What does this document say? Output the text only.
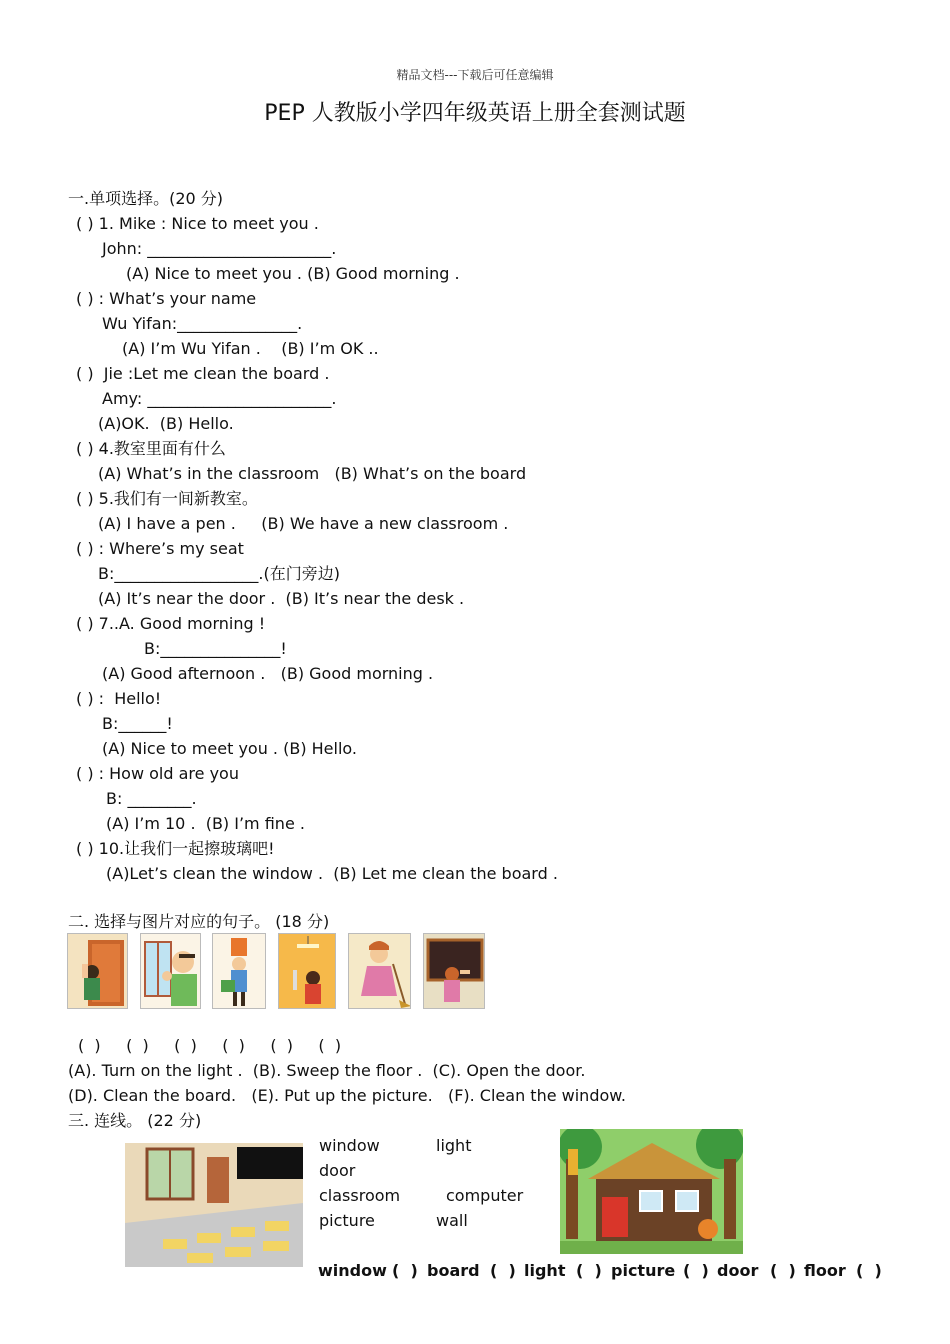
精品文档---下载后可任意编辑
PEP 人教版小学四年级英语上册全套测试题
一.单项选择。(20 分)
( ) 1. Mike : Nice to meet you .
John: _______________________.
(A) Nice to meet you . (B) Good morning .
( ) : What’s your name
Wu Yifan:_______________.
(A) I’m Wu Yifan .    (B) I’m OK ..
( )  Jie :Let me clean the board .
Amy: _______________________.
(A)OK.  (B) Hello.
( ) 4.教室里面有什么
(A) What’s in the classroom   (B) What’s on the board
( ) 5.我们有一间新教室。
(A) I have a pen .     (B) We have a new classroom .
( ) : Where’s my seat
B:__________________.(在门旁边)
(A) It’s near the door .  (B) It’s near the desk .
( ) 7..A. Good morning !
B:_______________!
(A) Good afternoon .   (B) Good morning .
( ) :  Hello!
B:______!
(A) Nice to meet you . (B) Hello.
( ) : How old are you
B: ________.
(A) I’m 10 .  (B) I’m fine .
( ) 10.让我们一起擦玻璃吧!
(A)Let’s clean the window .  (B) Let me clean the board .
二. 选择与图片对应的句子。 (18 分)
(  )     (  )     (  )     (  )     (  )     (  )
(A). Turn on the light .  (B). Sweep the floor .  (C). Open the door.
(D). Clean the board.   (E). Put up the picture.   (F). Clean the window.
三. 连线。 (22 分)
window
door
classroom
picture
light
computer
wall
window (  ) board (  ) light (  ) picture (  ) door (  ) floor (  )
